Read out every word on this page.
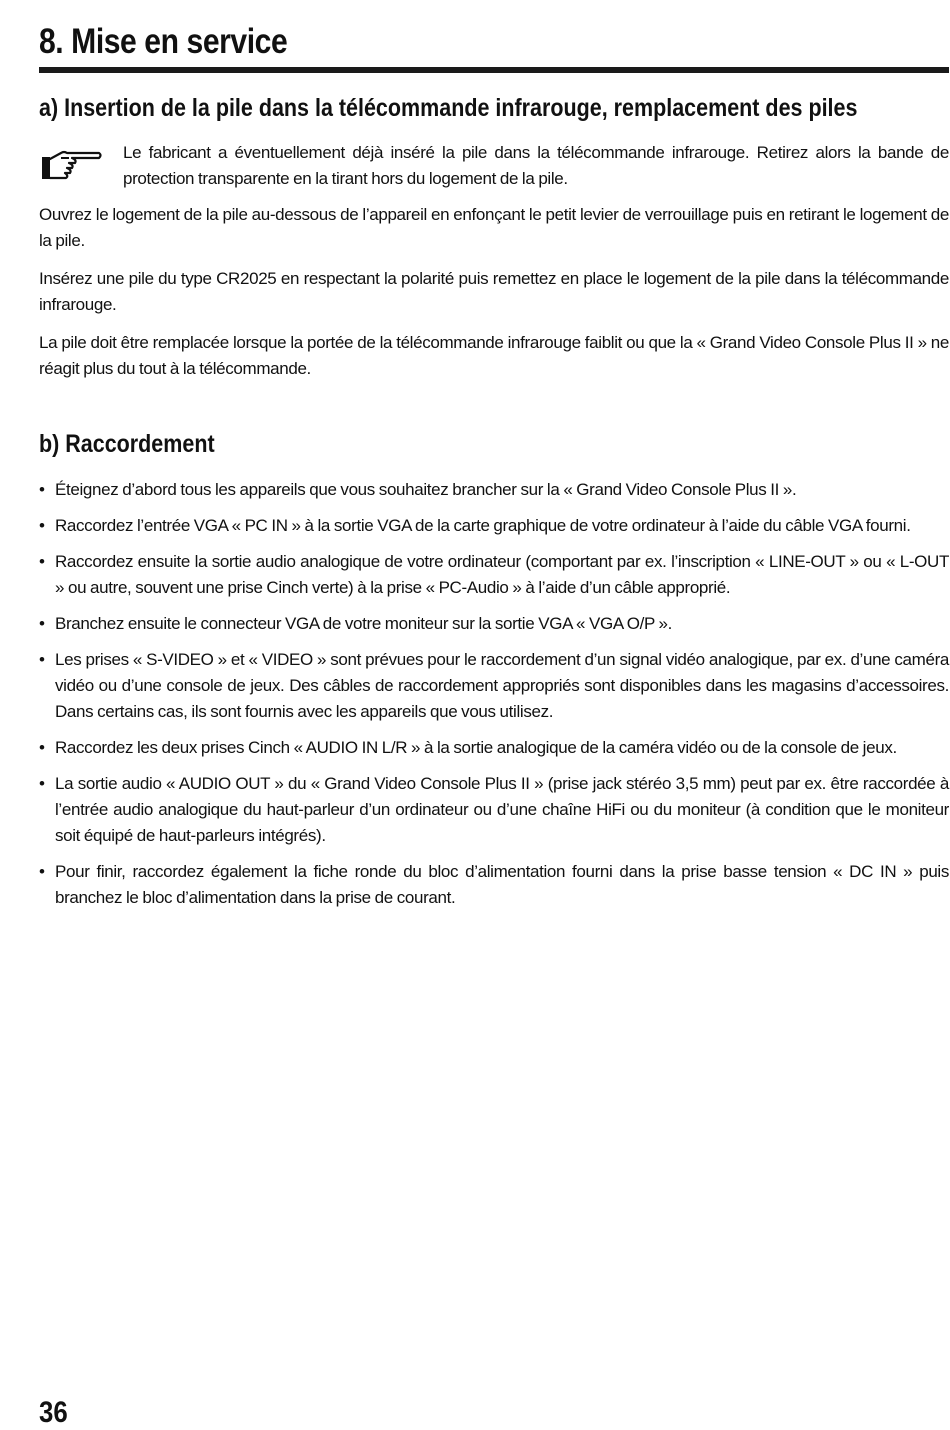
8. Mise en service
a) Insertion de la pile dans la télécommande infrarouge, remplacement des piles

Le fabricant a éventuellement déjà inséré la pile dans la télécommande infrarouge. Retirez alors la bande de protection transparente en la tirant hors du logement de la pile.

Ouvrez le logement de la pile au-dessous de l’appareil en enfonçant le petit levier de verrouillage puis en retirant le logement de la pile.

Insérez une pile du type CR2025 en respectant la polarité puis remettez en place le logement de la pile dans la télécommande infrarouge.

La pile doit être remplacée lorsque la portée de la télécommande infrarouge faiblit ou que la « Grand Video Console Plus II » ne réagit plus du tout à la télécommande.

b) Raccordement
• Éteignez d’abord tous les appareils que vous souhaitez brancher sur la « Grand Video Console Plus II ».

• Raccordez l’entrée VGA « PC IN » à la sortie VGA de la carte graphique de votre ordinateur à l’aide du câble VGA fourni.

• Raccordez ensuite la sortie audio analogique de votre ordinateur (comportant par ex. l’inscription « LINE-OUT » ou « L-OUT » ou autre, souvent une prise Cinch verte) à la prise « PC-Audio » à l’aide d’un câble approprié.

• Branchez ensuite le connecteur VGA de votre moniteur sur la sortie VGA « VGA O/P ».

• Les prises « S-VIDEO » et « VIDEO » sont prévues pour le raccordement d’un signal vidéo analogique, par ex. d’une caméra vidéo ou d’une console de jeux. Des câbles de raccordement appropriés sont disponibles dans les magasins d’accessoires. Dans certains cas, ils sont fournis avec les appareils que vous utilisez.

• Raccordez les deux prises Cinch « AUDIO IN L/R » à la sortie analogique de la caméra vidéo ou de la console de jeux.

• La sortie audio « AUDIO OUT » du « Grand Video Console Plus II » (prise jack stéréo 3,5 mm) peut par ex. être raccordée à l’entrée audio analogique du haut-parleur d’un ordinateur ou d’une chaîne HiFi ou du moniteur (à condition que le moniteur soit équipé de haut-parleurs intégrés).

• Pour finir, raccordez également la fiche ronde du bloc d’alimentation fourni dans la prise basse tension « DC IN » puis branchez le bloc d’alimentation dans la prise de courant.

36
